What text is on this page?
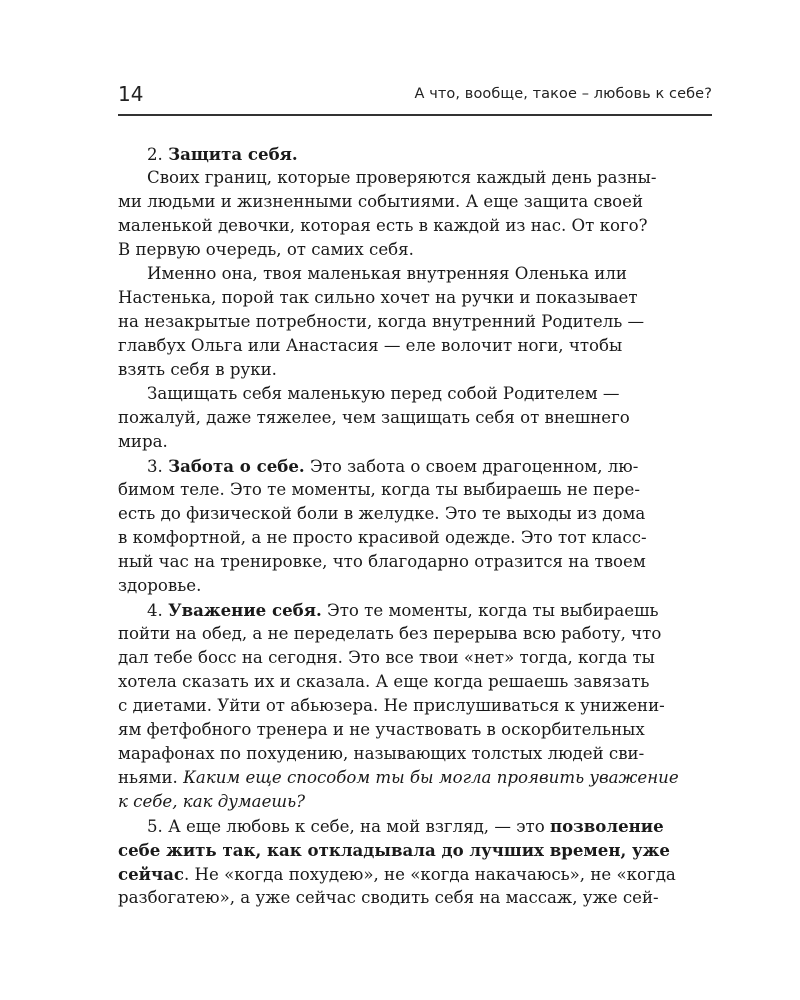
14	А что, вообще, такое – любовь к себе?
2. Защита себя.
Своих границ, которые проверяются каждый день разны-
ми людьми и жизненными событиями. А еще защита своей
маленькой девочки, которая есть в каждой из нас. От кого?
В первую очередь, от самих себя.
Именно она, твоя маленькая внутренняя Оленька или
Настенька, порой так сильно хочет на ручки и показывает
на незакрытые потребности, когда внутренний Родитель —
главбух Ольга или Анастасия — еле волочит ноги, чтобы
взять себя в руки.
Защищать себя маленькую перед собой Родителем —
пожалуй, даже тяжелее, чем защищать себя от внешнего
мира.
3. Забота о себе. Это забота о своем драгоценном, лю-
бимом теле. Это те моменты, когда ты выбираешь не пере-
есть до физической боли в желудке. Это те выходы из дома
в комфортной, а не просто красивой одежде. Это тот класс-
ный час на тренировке, что благодарно отразится на твоем
здоровье.
4. Уважение себя. Это те моменты, когда ты выбираешь
пойти на обед, а не переделать без перерыва всю работу, что
дал тебе босс на сегодня. Это все твои «нет» тогда, когда ты
хотела сказать их и сказала. А еще когда решаешь завязать
с диетами. Уйти от абьюзера. Не прислушиваться к унижени-
ям фетфобного тренера и не участвовать в оскорбительных
марафонах по похудению, называющих толстых людей сви-
ньями. Каким еще способом ты бы могла проявить уважение
к себе, как думаешь?
5. А еще любовь к себе, на мой взгляд, — это позволение
себе жить так, как откладывала до лучших времен, уже
сейчас. Не «когда похудею», не «когда накачаюсь», не «когда
разбогатею», а уже сейчас сводить себя на массаж, уже сей-
